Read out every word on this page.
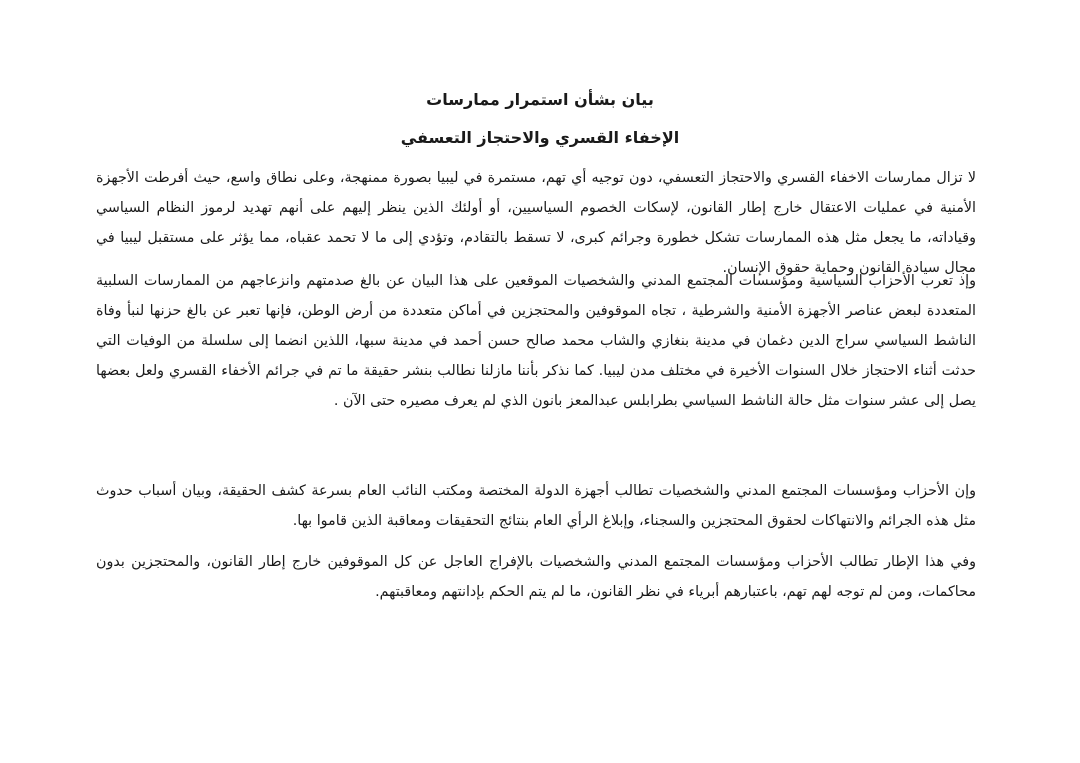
بيان بشأن استمرار ممارسات
الإخفاء القسري والاحتجاز التعسفي
لا تزال ممارسات الاخفاء القسري والاحتجاز التعسفي، دون توجيه أي تهم، مستمرة في ليبيا بصورة ممنهجة، وعلى نطاق واسع، حيث أفرطت الأجهزة الأمنية في عمليات الاعتقال خارج إطار القانون، لإسكات الخصوم السياسيين، أو أولئك الذين ينظر إليهم على أنهم تهديد لرموز النظام السياسي وقياداته، ما يجعل مثل هذه الممارسات تشكل خطورة وجرائم كبرى، لا تسقط بالتقادم، وتؤدي إلى ما لا تحمد عقباه، مما يؤثر على مستقبل ليبيا في مجال سيادة القانون وحماية حقوق الإنسان.
وإذ تعرب الأحزاب السياسية ومؤسسات المجتمع المدني والشخصيات الموقعين على هذا البيان عن بالغ صدمتهم وانزعاجهم من الممارسات السلبية المتعددة لبعض عناصر الأجهزة الأمنية والشرطية ، تجاه الموقوفين والمحتجزين في أماكن متعددة من أرض الوطن، فإنها تعبر عن بالغ حزنها لنبأ وفاة الناشط السياسي سراج الدين دغمان في مدينة بنغازي والشاب محمد صالح حسن أحمد في مدينة سبها، اللذين انضما إلى سلسلة من الوفيات التي حدثت أثناء الاحتجاز خلال السنوات الأخيرة في مختلف مدن ليبيا. كما نذكر بأننا مازلنا نطالب بنشر حقيقة ما تم في جرائم الأخفاء القسري ولعل بعضها يصل إلى عشر سنوات مثل حالة الناشط السياسي بطرابلس عبدالمعز بانون الذي لم يعرف مصيره حتى الآن .
وإن الأحزاب ومؤسسات المجتمع المدني والشخصيات تطالب أجهزة الدولة المختصة ومكتب النائب العام بسرعة كشف الحقيقة، وبيان أسباب حدوث مثل هذه الجرائم والانتهاكات لحقوق المحتجزين والسجناء، وإبلاغ الرأي العام بنتائج التحقيقات ومعاقبة الذين قاموا بها.
وفي هذا الإطار تطالب الأحزاب ومؤسسات المجتمع المدني والشخصيات بالإفراج العاجل عن كل الموقوفين خارج إطار القانون، والمحتجزين بدون محاكمات، ومن لم توجه لهم تهم، باعتبارهم أبرياء في نظر القانون، ما لم يتم الحكم بإدانتهم ومعاقبتهم.
